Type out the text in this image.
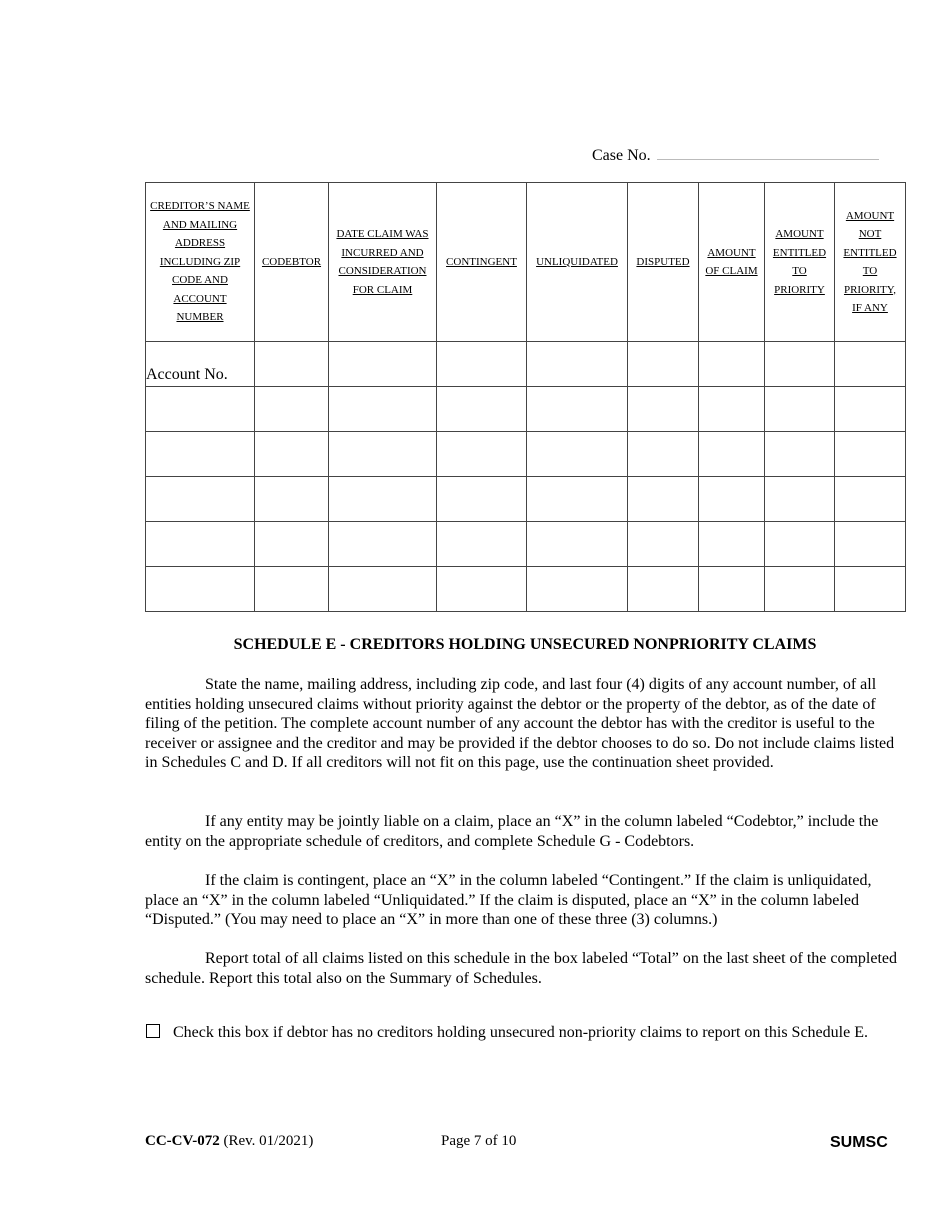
Case No.
CREDITOR’S NAME AND MAILING ADDRESS INCLUDING ZIP CODE AND ACCOUNT NUMBER	CODEBTOR	DATE CLAIM WAS INCURRED AND CONSIDERATION FOR CLAIM	CONTINGENT	UNLIQUIDATED	DISPUTED	AMOUNT OF CLAIM	AMOUNT ENTITLED TO PRIORITY	AMOUNT NOT ENTITLED TO PRIORITY, IF ANY

Account No.								

SCHEDULE E - CREDITORS HOLDING UNSECURED NONPRIORITY CLAIMS

State the name, mailing address, including zip code, and last four (4) digits of any account number, of all entities holding unsecured claims without priority against the debtor or the property of the debtor, as of the date of filing of the petition. The complete account number of any account the debtor has with the creditor is useful to the receiver or assignee and the creditor and may be provided if the debtor chooses to do so. Do not include claims listed in Schedules C and D. If all creditors will not fit on this page, use the continuation sheet provided.

If any entity may be jointly liable on a claim, place an “X” in the column labeled “Codebtor,” include the entity on the appropriate schedule of creditors, and complete Schedule G - Codebtors.

If the claim is contingent, place an “X” in the column labeled “Contingent.” If the claim is unliquidated, place an “X” in the column labeled “Unliquidated.” If the claim is disputed, place an “X” in the column labeled “Disputed.” (You may need to place an “X” in more than one of these three (3) columns.)

Report total of all claims listed on this schedule in the box labeled “Total” on the last sheet of the completed schedule. Report this total also on the Summary of Schedules.

Check this box if debtor has no creditors holding unsecured non-priority claims to report on this Schedule E.
CC-CV-072 (Rev. 01/2021)	Page 7 of 10	SUMSC
